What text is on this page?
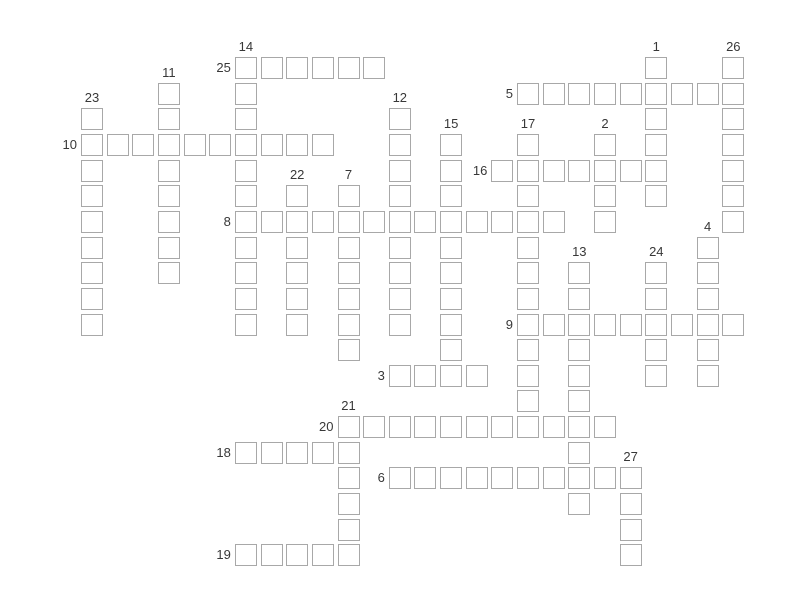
1
2
3
4
5
6
7
8
9
10
11
12
13
14
15
16
17
18
19
20
21
22
23
24
25
26
27
